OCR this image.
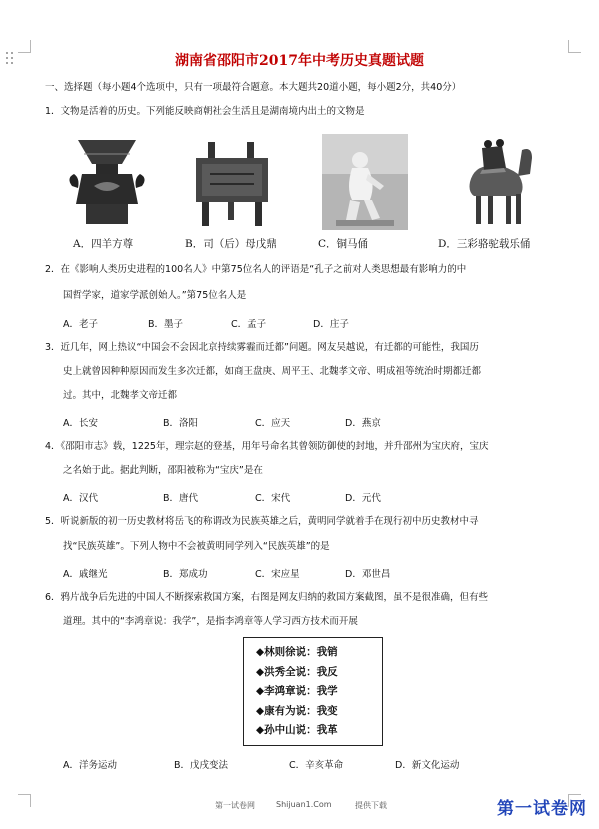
湖南省邵阳市2017年中考历史真题试题
一、选择题（每小题4个选项中，只有一项最符合题意。本大题共20道小题，每小题2分，共40分）
1．文物是活着的历史。下列能反映商朝社会生活且是湖南境内出土的文物是
A．四羊方尊	B．司（后）母戊鼎	C．铜马俑	D．三彩骆驼载乐俑
2．在《影响人类历史进程的100名人》中第75位名人的评语是“孔子之前对人类思想最有影响力的中
国哲学家，道家学派创始人。”第75位名人是
A．老子	B．墨子	C．孟子	D．庄子
3．近几年，网上热议“中国会不会因北京持续雾霾而迁都”问题。网友吴越说，有迁都的可能性，我国历
史上就曾因种种原因而发生多次迁都，如商王盘庚、周平王、北魏孝文帝、明成祖等统治时期都迁都
过。其中，北魏孝文帝迁都
A．长安	B．洛阳	C．应天	D．燕京
4．《邵阳市志》载，1225年，理宗赵的登基，用年号命名其曾领防御使的封地，并升邵州为宝庆府，宝庆
之名始于此。据此判断，邵阳被称为“宝庆”是在
A．汉代	B．唐代	C．宋代	D．元代
5．听说新版的初一历史教材将岳飞的称谓改为民族英雄之后，黄明同学就着手在现行初中历史教材中寻
找“民族英雄”。下列人物中不会被黄明同学列入“民族英雄”的是
A．戚继光	B．郑成功	C．宋应星	D．邓世昌
6．鸦片战争后先进的中国人不断探索救国方案，右图是网友归纳的救国方案截图，虽不是很准确，但有些
道理。其中的“李鸿章说：我学”，是指李鸿章等人学习西方技术而开展
◆林则徐说：我销
◆洪秀全说：我反
◆李鸿章说：我学
◆康有为说：我变
◆孙中山说：我革
A．洋务运动	B．戊戌变法	C．辛亥革命	D．新文化运动
第一试卷网	Shijuan1.Com	提供下载	第一试卷网
